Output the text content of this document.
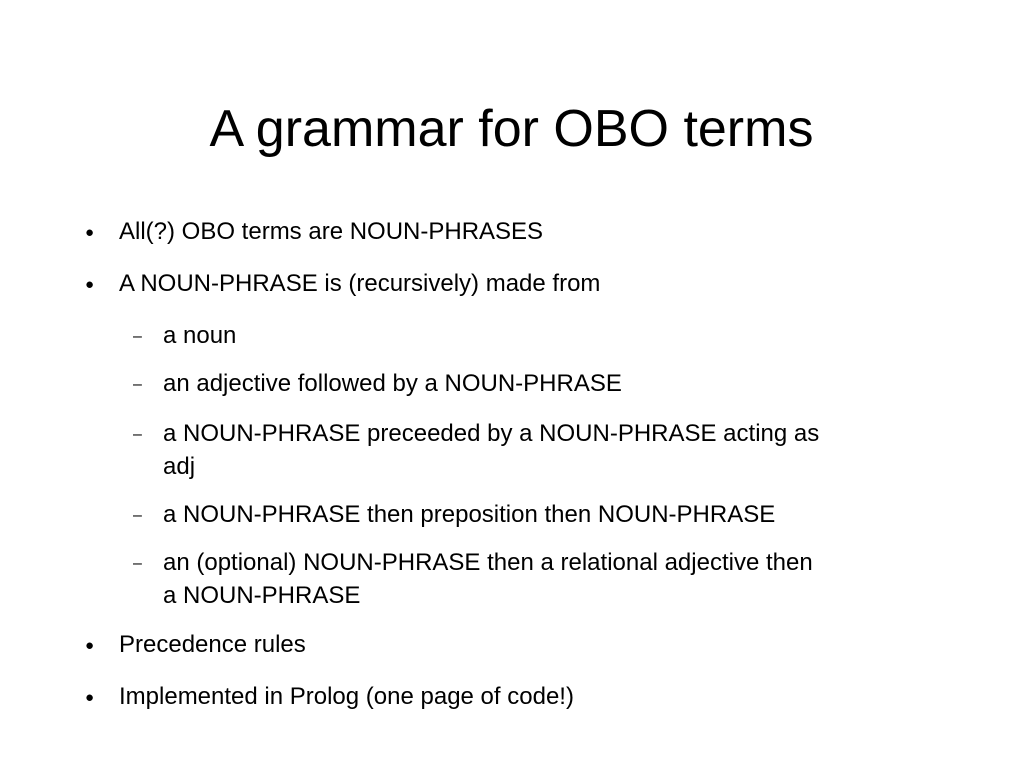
A grammar for OBO terms
● All(?) OBO terms are NOUN-PHRASES
● A NOUN-PHRASE is (recursively) made from
– a noun
– an adjective followed by a NOUN-PHRASE
– a NOUN-PHRASE preceeded by a NOUN-PHRASE acting as
adj
– a NOUN-PHRASE then preposition then NOUN-PHRASE
– an (optional) NOUN-PHRASE then a relational adjective then
a NOUN-PHRASE
● Precedence rules
● Implemented in Prolog (one page of code!)
